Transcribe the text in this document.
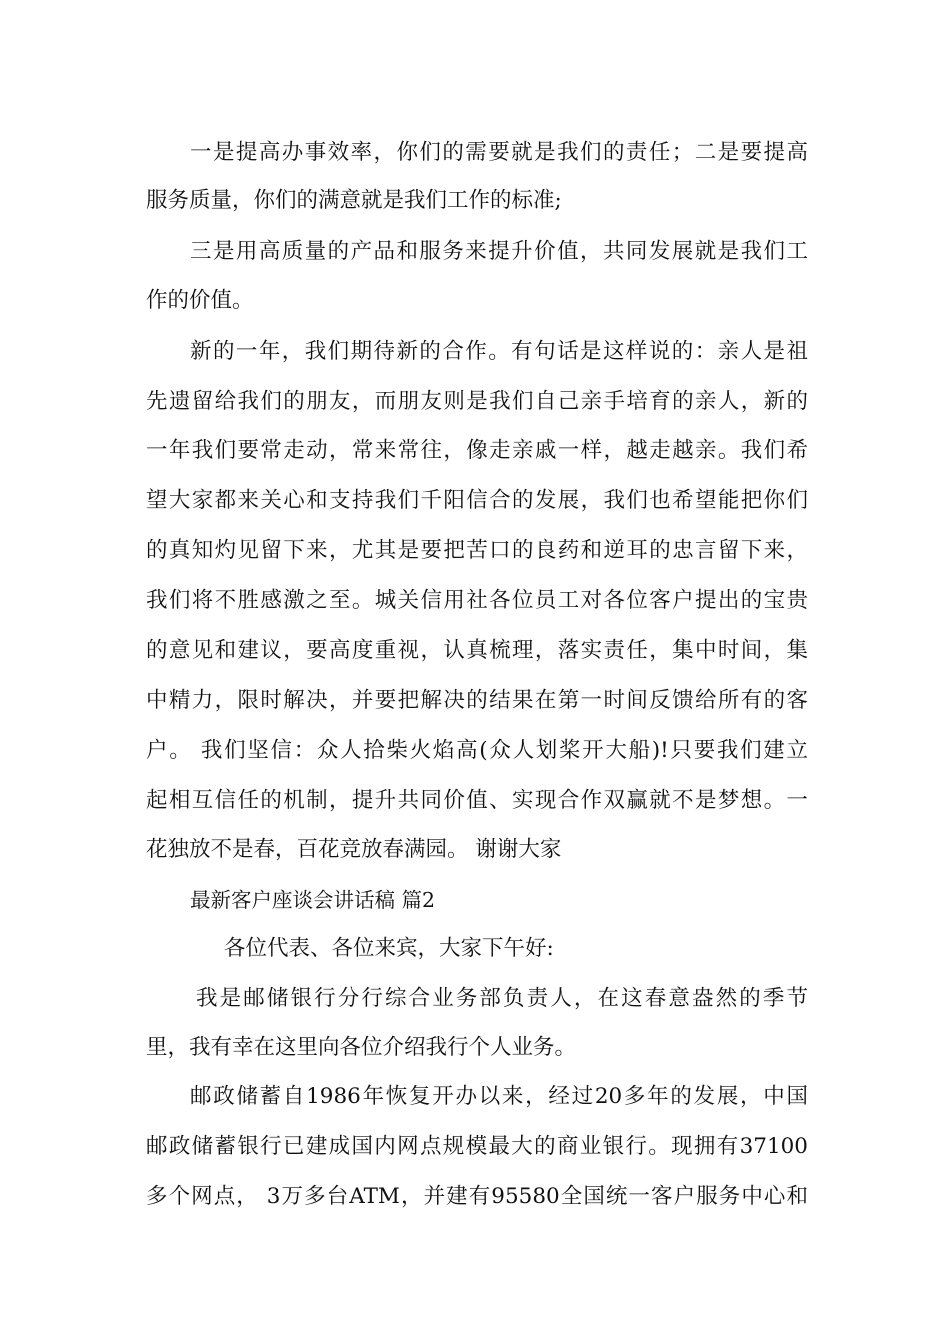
一是提高办事效率，你们的需要就是我们的责任；二是要提高
服务质量，你们的满意就是我们工作的标准;
三是用高质量的产品和服务来提升价值，共同发展就是我们工
作的价值。
新的一年，我们期待新的合作。有句话是这样说的：亲人是祖
先遗留给我们的朋友，而朋友则是我们自己亲手培育的亲人，新的
一年我们要常走动，常来常往，像走亲戚一样，越走越亲。我们希
望大家都来关心和支持我们千阳信合的发展，我们也希望能把你们
的真知灼见留下来，尤其是要把苦口的良药和逆耳的忠言留下来，
我们将不胜感激之至。城关信用社各位员工对各位客户提出的宝贵
的意见和建议，要高度重视，认真梳理，落实责任，集中时间，集
中精力，限时解决，并要把解决的结果在第一时间反馈给所有的客
户。 我们坚信：众人拾柴火焰高(众人划桨开大船)!只要我们建立
起相互信任的机制，提升共同价值、实现合作双赢就不是梦想。一
花独放不是春，百花竞放春满园。 谢谢大家
最新客户座谈会讲话稿 篇2
各位代表、各位来宾，大家下午好:
我是邮储银行分行综合业务部负责人，在这春意盎然的季节
里，我有幸在这里向各位介绍我行个人业务。
邮政储蓄自1986年恢复开办以来，经过20多年的发展，中国
邮政储蓄银行已建成国内网点规模最大的商业银行。现拥有37100
多个网点， 3万多台ATM，并建有95580全国统一客户服务中心和
